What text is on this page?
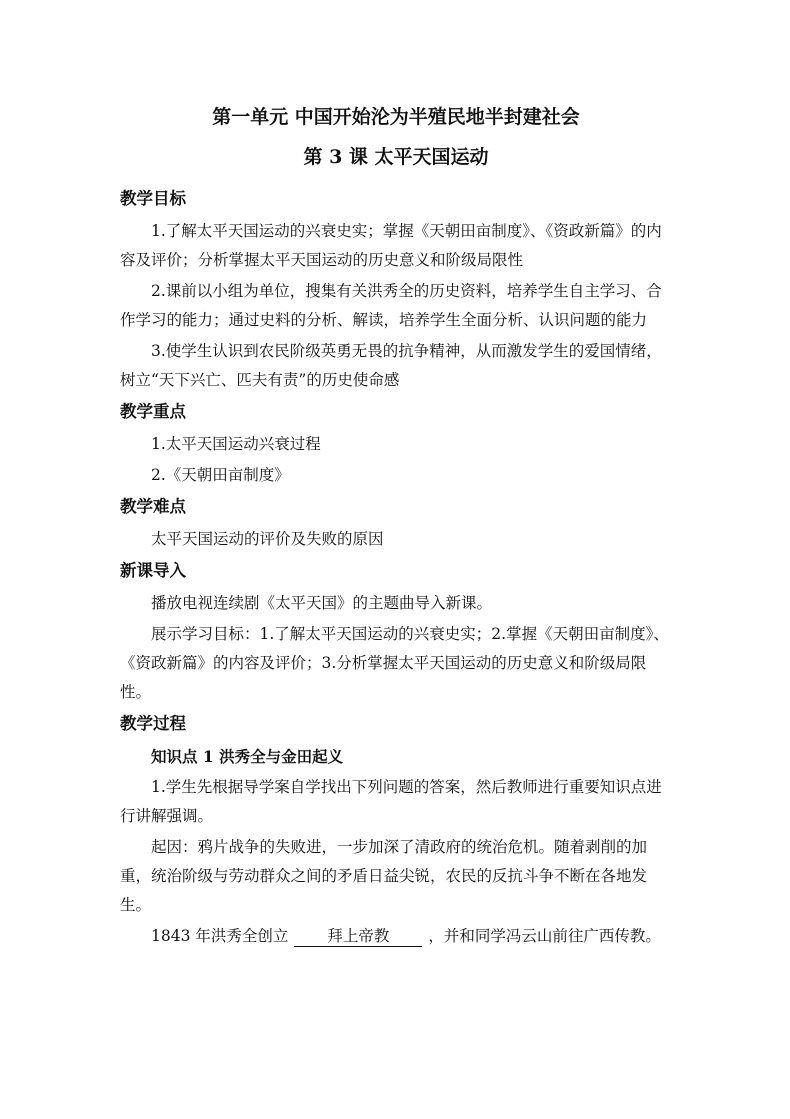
第一单元 中国开始沦为半殖民地半封建社会

第 3 课 太平天国运动

教学目标

1.了解太平天国运动的兴衰史实；掌握《天朝田亩制度》、《资政新篇》的内容及评价；分析掌握太平天国运动的历史意义和阶级局限性

2.课前以小组为单位，搜集有关洪秀全的历史资料，培养学生自主学习、合作学习的能力；通过史料的分析、解读，培养学生全面分析、认识问题的能力

3.使学生认识到农民阶级英勇无畏的抗争精神，从而激发学生的爱国情绪，树立“天下兴亡、匹夫有责”的历史使命感

教学重点

1.太平天国运动兴衰过程

2.《天朝田亩制度》

教学难点

太平天国运动的评价及失败的原因

新课导入

播放电视连续剧《太平天国》的主题曲导入新课。

展示学习目标：1.了解太平天国运动的兴衰史实；2.掌握《天朝田亩制度》、《资政新篇》的内容及评价；3.分析掌握太平天国运动的历史意义和阶级局限性。

教学过程

知识点 1 洪秀全与金田起义

1.学生先根据导学案自学找出下列问题的答案，然后教师进行重要知识点进行讲解强调。

起因：鸦片战争的失败进，一步加深了清政府的统治危机。随着剥削的加重，统治阶级与劳动群众之间的矛盾日益尖锐，农民的反抗斗争不断在各地发生。

1843 年洪秀全创立	拜上帝教	，并和同学冯云山前往广西传教。
